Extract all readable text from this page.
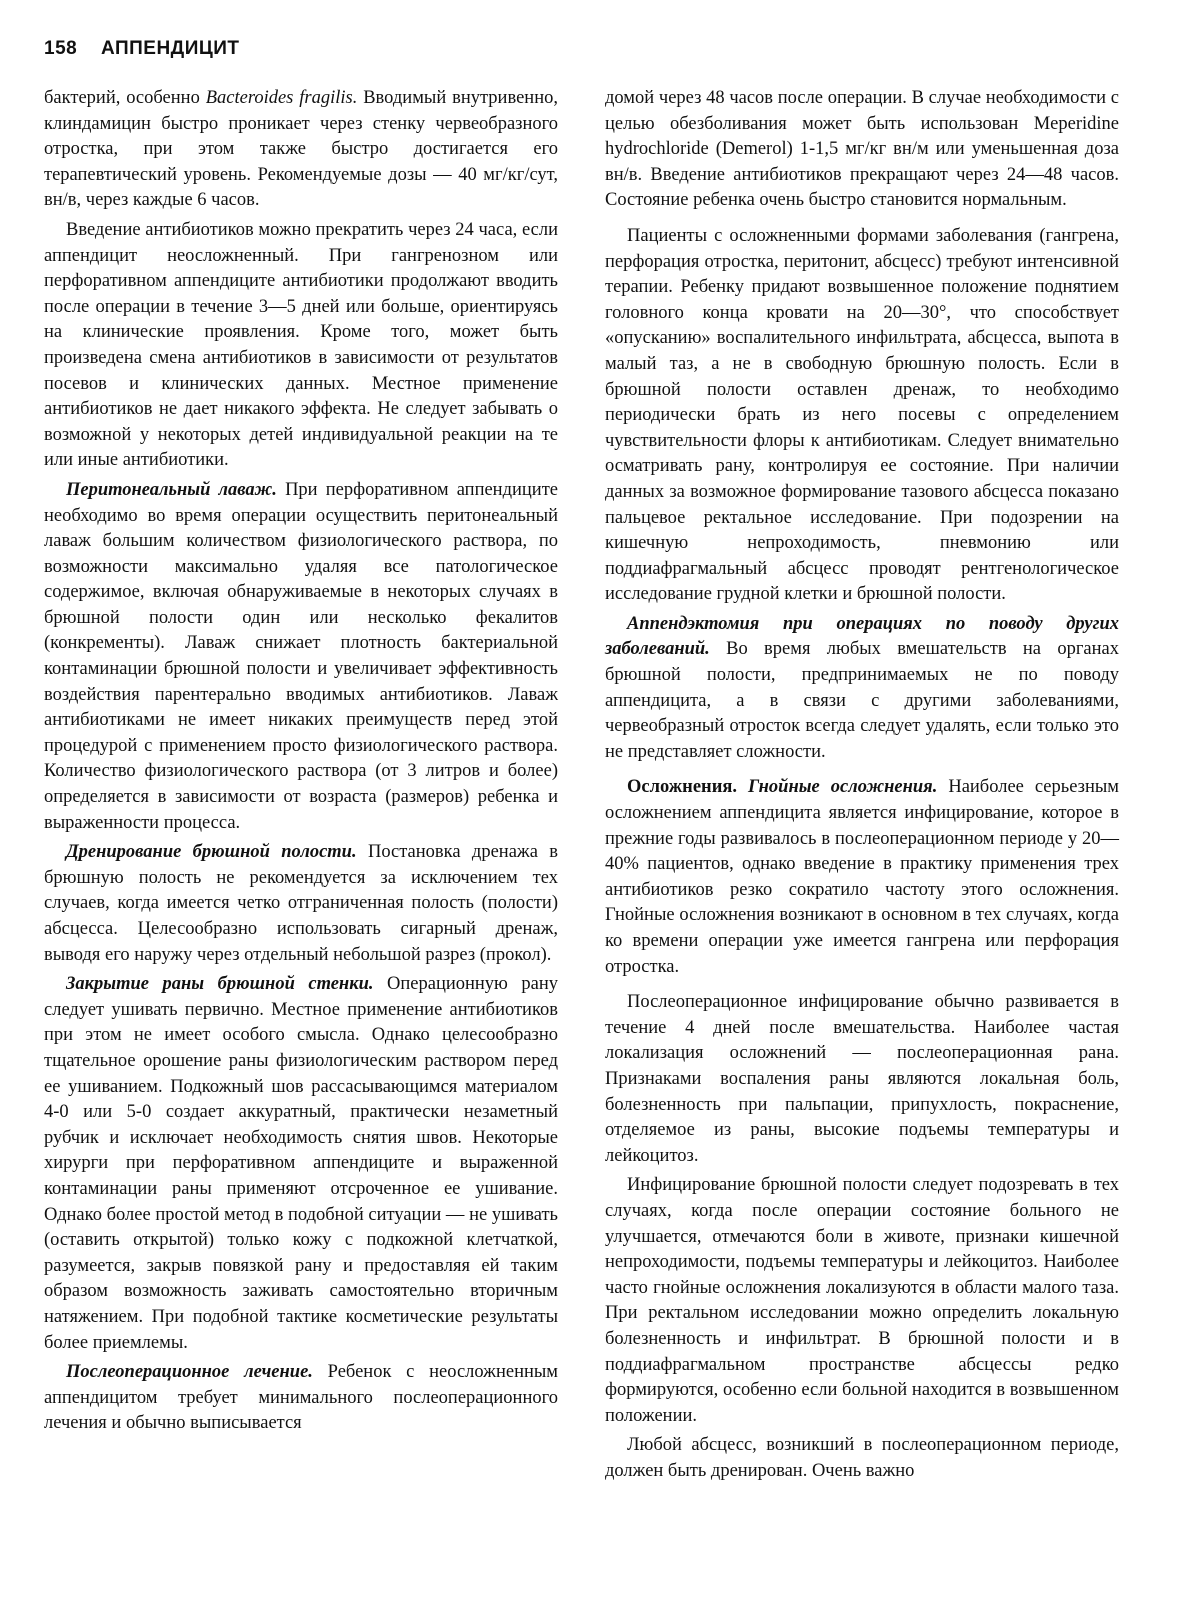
158 АППЕНДИЦИТ

бактерий, особенно Bacteroides fragilis. Вводимый внутривенно, клиндамицин быстро проникает через стенку червеобразного отростка, при этом также быстро достигается его терапевтический уровень. Рекомендуемые дозы — 40 мг/кг/сут, вн/в, через каждые 6 часов.

Введение антибиотиков можно прекратить через 24 часа, если аппендицит неосложненный. При гангренозном или перфоративном аппендиците антибиотики продолжают вводить после операции в течение 3—5 дней или больше, ориентируясь на клинические проявления. Кроме того, может быть произведена смена антибиотиков в зависимости от результатов посевов и клинических данных. Местное применение антибиотиков не дает никакого эффекта. Не следует забывать о возможной у некоторых детей индивидуальной реакции на те или иные антибиотики.

Перитонеальный лаваж. При перфоративном аппендиците необходимо во время операции осуществить перитонеальный лаваж большим количеством физиологического раствора, по возможности максимально удаляя все патологическое содержимое, включая обнаруживаемые в некоторых случаях в брюшной полости один или несколько фекалитов (конкременты). Лаваж снижает плотность бактериальной контаминации брюшной полости и увеличивает эффективность воздействия парентерально вводимых антибиотиков. Лаваж антибиотиками не имеет никаких преимуществ перед этой процедурой с применением просто физиологического раствора. Количество физиологического раствора (от 3 литров и более) определяется в зависимости от возраста (размеров) ребенка и выраженности процесса.

Дренирование брюшной полости. Постановка дренажа в брюшную полость не рекомендуется за исключением тех случаев, когда имеется четко отграниченная полость (полости) абсцесса. Целесообразно использовать сигарный дренаж, выводя его наружу через отдельный небольшой разрез (прокол).

Закрытие раны брюшной стенки. Операционную рану следует ушивать первично. Местное применение антибиотиков при этом не имеет особого смысла. Однако целесообразно тщательное орошение раны физиологическим раствором перед ее ушиванием. Подкожный шов рассасывающимся материалом 4-0 или 5-0 создает аккуратный, практически незаметный рубчик и исключает необходимость снятия швов. Некоторые хирурги при перфоративном аппендиците и выраженной контаминации раны применяют отсроченное ее ушивание. Однако более простой метод в подобной ситуации — не ушивать (оставить открытой) только кожу с подкожной клетчаткой, разумеется, закрыв повязкой рану и предоставляя ей таким образом возможность заживать самостоятельно вторичным натяжением. При подобной тактике косметические результаты более приемлемы.

Послеоперационное лечение. Ребенок с неосложненным аппендицитом требует минимального послеоперационного лечения и обычно выписывается

домой через 48 часов после операции. В случае необходимости с целью обезболивания может быть использован Meperidine hydrochloride (Demerol) 1-1,5 мг/кг вн/м или уменьшенная доза вн/в. Введение антибиотиков прекращают через 24—48 часов. Состояние ребенка очень быстро становится нормальным.

Пациенты с осложненными формами заболевания (гангрена, перфорация отростка, перитонит, абсцесс) требуют интенсивной терапии. Ребенку придают возвышенное положение поднятием головного конца кровати на 20—30°, что способствует «опусканию» воспалительного инфильтрата, абсцесса, выпота в малый таз, а не в свободную брюшную полость. Если в брюшной полости оставлен дренаж, то необходимо периодически брать из него посевы с определением чувствительности флоры к антибиотикам. Следует внимательно осматривать рану, контролируя ее состояние. При наличии данных за возможное формирование тазового абсцесса показано пальцевое ректальное исследование. При подозрении на кишечную непроходимость, пневмонию или поддиафрагмальный абсцесс проводят рентгенологическое исследование грудной клетки и брюшной полости.

Аппендэктомия при операциях по поводу других заболеваний. Во время любых вмешательств на органах брюшной полости, предпринимаемых не по поводу аппендицита, а в связи с другими заболеваниями, червеобразный отросток всегда следует удалять, если только это не представляет сложности.

Осложнения. Гнойные осложнения. Наиболее серьезным осложнением аппендицита является инфицирование, которое в прежние годы развивалось в послеоперационном периоде у 20—40% пациентов, однако введение в практику применения трех антибиотиков резко сократило частоту этого осложнения. Гнойные осложнения возникают в основном в тех случаях, когда ко времени операции уже имеется гангрена или перфорация отростка.

Послеоперационное инфицирование обычно развивается в течение 4 дней после вмешательства. Наиболее частая локализация осложнений — послеоперационная рана. Признаками воспаления раны являются локальная боль, болезненность при пальпации, припухлость, покраснение, отделяемое из раны, высокие подъемы температуры и лейкоцитоз.

Инфицирование брюшной полости следует подозревать в тех случаях, когда после операции состояние больного не улучшается, отмечаются боли в животе, признаки кишечной непроходимости, подъемы температуры и лейкоцитоз. Наиболее часто гнойные осложнения локализуются в области малого таза. При ректальном исследовании можно определить локальную болезненность и инфильтрат. В брюшной полости и в поддиафрагмальном пространстве абсцессы редко формируются, особенно если больной находится в возвышенном положении.

Любой абсцесс, возникший в послеоперационном периоде, должен быть дренирован. Очень важно
